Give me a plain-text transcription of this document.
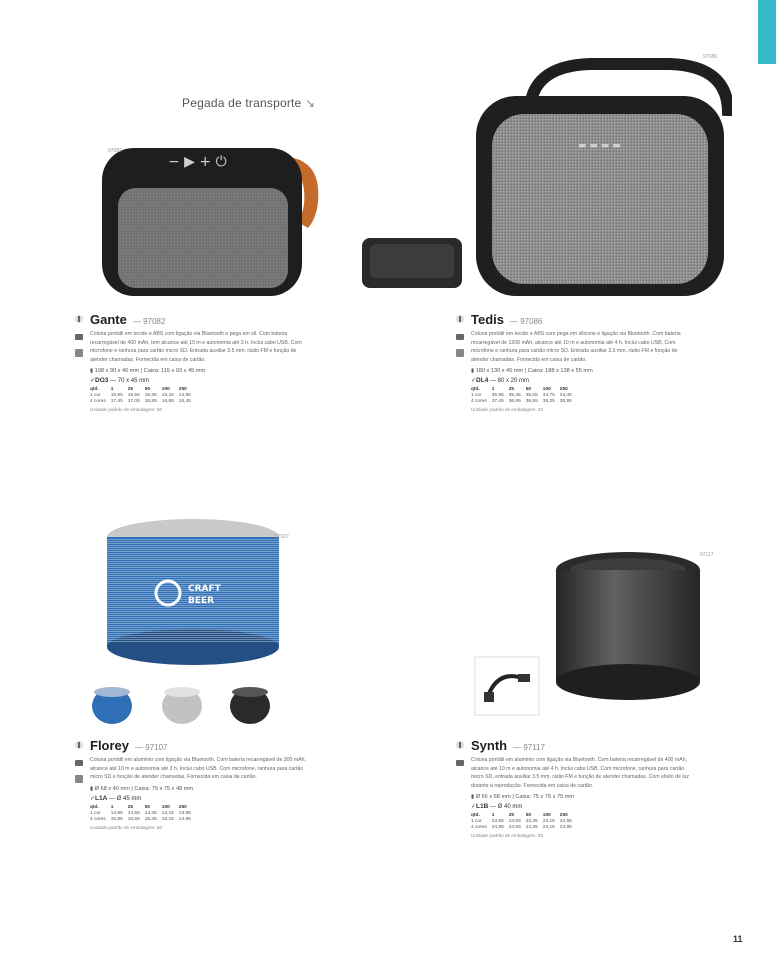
Pegada de transporte ↘
− ▶ + ⏻
97082	▬ ▬ ▬ ▬
97086
CRAFT
BEER
97107
97117
Gante — 97082
Coluna portátil em tecido e ABS com ligação via Bluetooth e pega em sil. Com bateria recarregável de 400 mAh, tem alcance até 10 m e autonomia até 3 h. Inclui cabo USB. Com microfone e ranhura para cartão micro SD. Entrada auxiliar 3.5 mm, rádio FM e função de atender chamadas. Fornecida em caixa de cartão.
▮ 108 x 90 x 40 mm | Caixa: 115 x 93 x 45 mm
✓DO3 — 70 x 45 mm
qtd.	1	25	50	100	250
1 cor	15,95	15,55	15,35	15,15	14,95
4 cores	17,45	17,05	16,85	16,65	16,45
Unidade padrão de embalagem: 50
Tedis — 97086
Coluna portátil em tecido e ABS com pega em silicone e ligação via Bluetooth. Com bateria recarregável de 1200 mAh, alcance até 10 m e autonomia até 4 h. Inclui cabo USB. Com microfone e ranhura para cartão micro SD. Entrada auxiliar 3.5 mm, rádio FM e função de atender chamadas. Fornecida em caixa de cartão.
▮ 180 x 130 x 45 mm | Caixa: 188 x 138 x 55 mm
✓DL4 — 80 x 20 mm
qtd.	1	25	50	100	250
1 cor	35,95	35,45	35,05	34,75	34,45
4 cores	37,45	36,95	36,55	36,25	35,95
Unidade padrão de embalagem: 20
Florey — 97107
Coluna portátil em alumínio com ligação via Bluetooth. Com bateria recarregável de 300 mAh, alcance até 10 m e autonomia até 3 h. Inclui cabo USB. Com microfone, ranhura para cartão micro SD e função de atender chamadas. Fornecida em caixa de cartão.
▮ Ø 68 x 40 mm | Caixa: 75 x 75 x 48 mm
✓L1A — Ø 45 mm
qtd.	1	25	50	100	250
1 cor	14,95	14,55	14,35	14,15	13,95
4 cores	15,95	15,55	15,35	15,15	14,95
Unidade padrão de embalagem: 50
Synth — 97117
Coluna portátil em alumínio com ligação via Bluetooth. Com bateria recarregável de 400 mAh, alcance até 10 m e autonomia até 4 h. Inclui cabo USB. Com microfone, ranhura para cartão micro SD, entrada auxiliar 3.5 mm, rádio FM e função de atender chamadas. Com efeito de luz durante a reprodução. Fornecida em caixa de cartão.
▮ Ø 66 x 68 mm | Caixa: 75 x 75 x 75 mm
✓L1B — Ø 40 mm
qtd.	1	25	50	100	250
1 cor	23,95	23,55	23,35	23,15	22,95
4 cores	24,95	24,55	24,35	24,15	23,95
Unidade padrão de embalagem: 50
11
